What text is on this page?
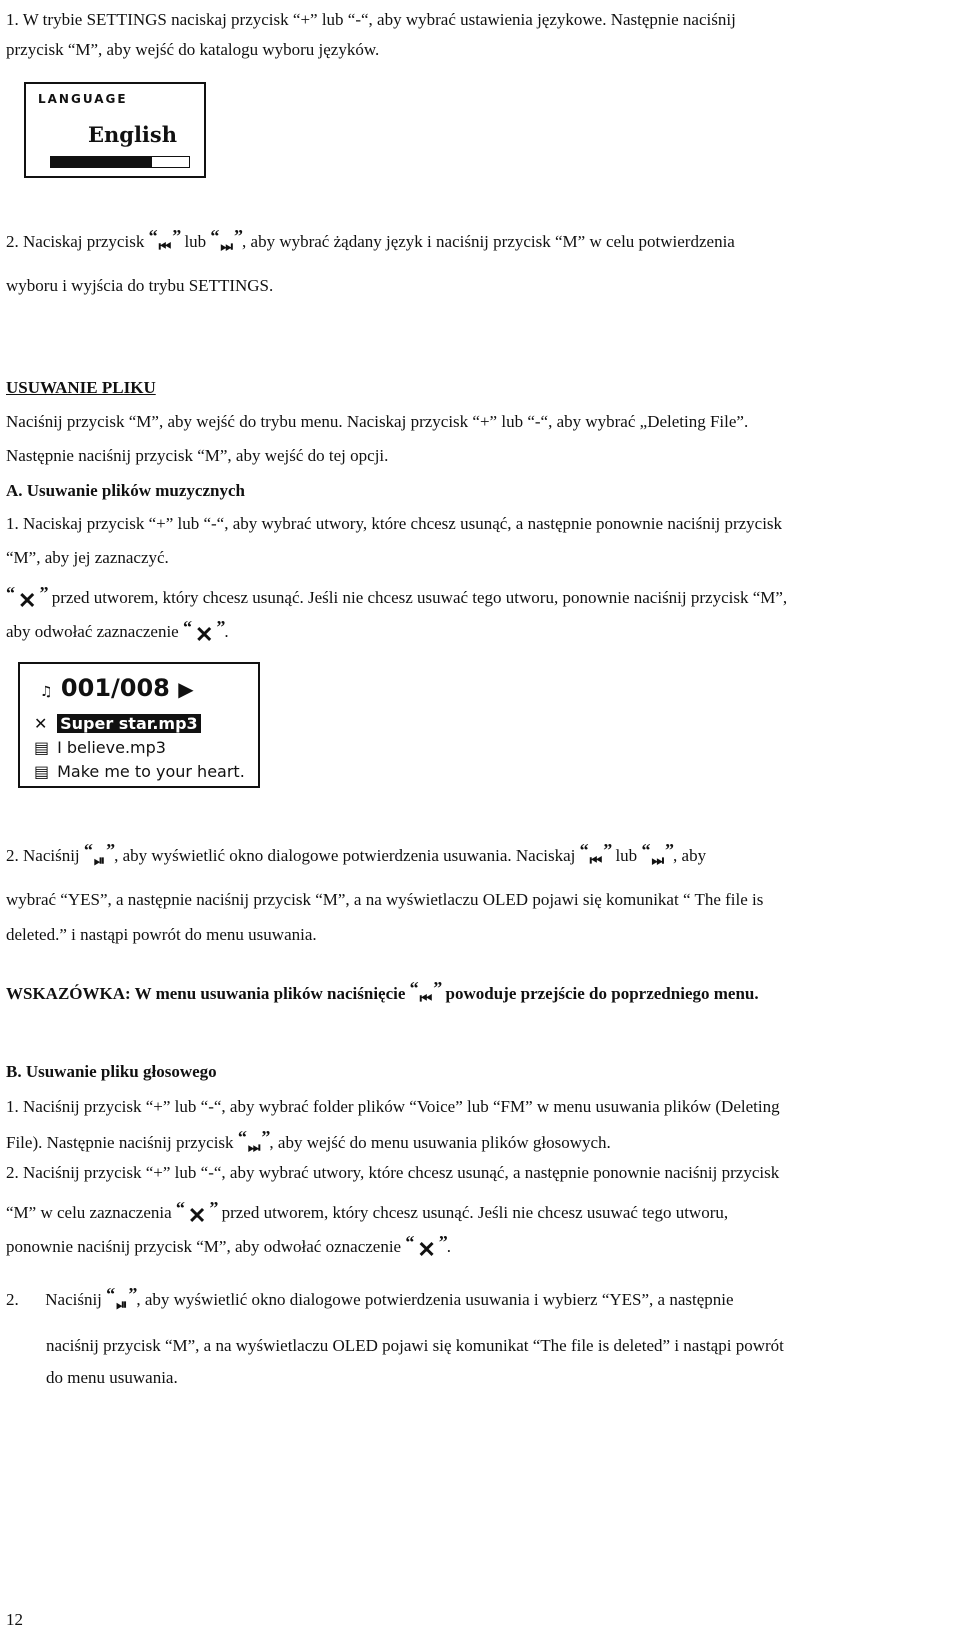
1. W trybie SETTINGS naciskaj przycisk “+” lub “-“, aby wybrać ustawienia językowe. Następnie naciśnij
przycisk “M”, aby wejść do katalogu wyboru języków.
LANGUAGE
English
2. Naciskaj przycisk “ ⏮ ” lub “ ⏭ ” , aby wybrać żądany język i naciśnij przycisk “M” w celu potwierdzenia
wyboru i wyjścia do trybu SETTINGS.
USUWANIE PLIKU
Naciśnij przycisk “M”, aby wejść do trybu menu. Naciskaj przycisk “+” lub “-“, aby wybrać „Deleting File”.
Następnie naciśnij przycisk “M”, aby wejść do tej opcji.
A. Usuwanie plików muzycznych
1. Naciskaj przycisk “+” lub “-“, aby wybrać utwory, które chcesz usunąć, a następnie ponownie naciśnij przycisk
“M”, aby jej zaznaczyć.
“ ✕ ” przed utworem, który chcesz usunąć. Jeśli nie chcesz usuwać tego utworu, ponownie naciśnij przycisk “M”,
aby odwołać zaznaczenie “ ✕ ” .
♫ 001/008 ▶
✕ Super star.mp3
▤ I believe.mp3
▤ Make me to your heart.
2. Naciśnij “ ⏯ ” , aby wyświetlić okno dialogowe potwierdzenia usuwania. Naciskaj “ ⏮ ” lub “ ⏭ ” , aby
wybrać “YES”, a następnie naciśnij przycisk “M”, a na wyświetlaczu OLED pojawi się komunikat “ The file is
deleted.” i nastąpi powrót do menu usuwania.
WSKAZÓWKA: W menu usuwania plików naciśnięcie “ ⏮ ” powoduje przejście do poprzedniego menu.
B. Usuwanie pliku głosowego
1. Naciśnij przycisk “+” lub “-“, aby wybrać folder plików “Voice” lub “FM” w menu usuwania plików (Deleting
File). Następnie naciśnij przycisk “ ⏭ ” , aby wejść do menu usuwania plików głosowych.
2. Naciśnij przycisk “+” lub “-“, aby wybrać utwory, które chcesz usunąć, a następnie ponownie naciśnij przycisk
“M” w celu zaznaczenia “ ✕ ” przed utworem, który chcesz usunąć. Jeśli nie chcesz usuwać tego utworu,
ponownie naciśnij przycisk “M”, aby odwołać oznaczenie “ ✕ ” .
2. Naciśnij “ ⏯ ” , aby wyświetlić okno dialogowe potwierdzenia usuwania i wybierz “YES”, a następnie
naciśnij przycisk “M”, a na wyświetlaczu OLED pojawi się komunikat “The file is deleted” i nastąpi powrót
do menu usuwania.
12
